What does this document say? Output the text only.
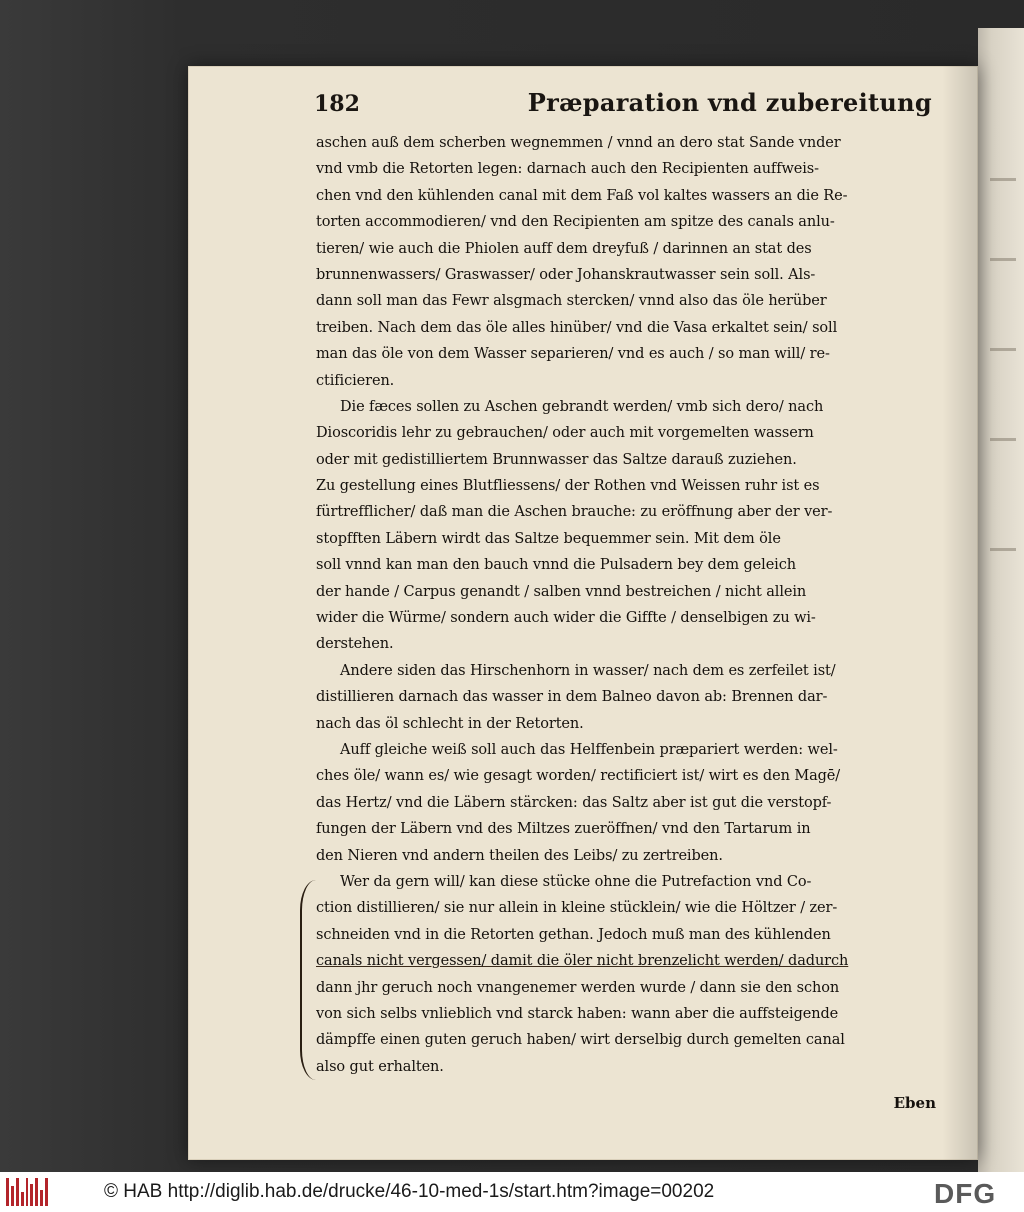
182	Præparation vnd zubereitung
aschen auß dem scherben wegnemmen / vnnd an dero stat Sande vnder
vnd vmb die Retorten legen: darnach auch den Recipienten auffweis-
chen vnd den kühlenden canal mit dem Faß vol kaltes wassers an die Re-
torten accommodieren/ vnd den Recipienten am spitze des canals anlu-
tieren/ wie auch die Phiolen auff dem dreyfuß / darinnen an stat des
brunnenwassers/ Graswasser/ oder Johanskrautwasser sein soll. Als-
dann soll man das Fewr alsgmach stercken/ vnnd also das öle herüber
treiben. Nach dem das öle alles hinüber/ vnd die Vasa erkaltet sein/ soll
man das öle von dem Wasser separieren/ vnd es auch / so man will/ re-
ctificieren.
Die fæces sollen zu Aschen gebrandt werden/ vmb sich dero/ nach
Dioscoridis lehr zu gebrauchen/ oder auch mit vorgemelten wassern
oder mit gedistilliertem Brunnwasser das Saltze darauß zuziehen.
Zu gestellung eines Blutfliessens/ der Rothen vnd Weissen ruhr ist es
fürtrefflicher/ daß man die Aschen brauche: zu eröffnung aber der ver-
stopfften Läbern wirdt das Saltze bequemmer sein. Mit dem öle
soll vnnd kan man den bauch vnnd die Pulsadern bey dem geleich
der hande / Carpus genandt / salben vnnd bestreichen / nicht allein
wider die Würme/ sondern auch wider die Giffte / denselbigen zu wi-
derstehen.
Andere siden das Hirschenhorn in wasser/ nach dem es zerfeilet ist/
distillieren darnach das wasser in dem Balneo davon ab: Brennen dar-
nach das öl schlecht in der Retorten.
Auff gleiche weiß soll auch das Helffenbein præpariert werden: wel-
ches öle/ wann es/ wie gesagt worden/ rectificiert ist/ wirt es den Magē/
das Hertz/ vnd die Läbern stärcken: das Saltz aber ist gut die verstopf-
fungen der Läbern vnd des Miltzes zueröffnen/ vnd den Tartarum in
den Nieren vnd andern theilen des Leibs/ zu zertreiben.
Wer da gern will/ kan diese stücke ohne die Putrefaction vnd Co-
ction distillieren/ sie nur allein in kleine stücklein/ wie die Höltzer / zer-
schneiden vnd in die Retorten gethan. Jedoch muß man des kühlenden
canals nicht vergessen/ damit die öler nicht brenzelicht werden/ dadurch
dann jhr geruch noch vnangenemer werden wurde / dann sie den schon
von sich selbs vnlieblich vnd starck haben: wann aber die auffsteigende
dämpffe einen guten geruch haben/ wirt derselbig durch gemelten canal
also gut erhalten.
Eben
© HAB http://diglib.hab.de/drucke/46-10-med-1s/start.htm?image=00202	DFG
